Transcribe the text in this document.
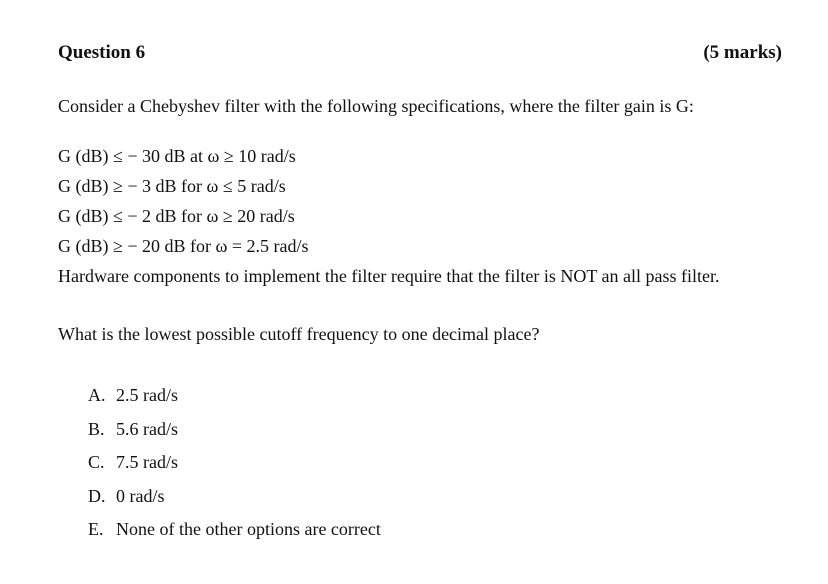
Question 6	(5 marks)
Consider a Chebyshev filter with the following specifications, where the filter gain is G:
G (dB) ≤ − 30 dB at ω ≥ 10 rad/s
G (dB) ≥ − 3 dB for ω ≤ 5 rad/s
G (dB) ≤ − 2 dB for ω ≥ 20 rad/s
G (dB) ≥ − 20 dB for ω = 2.5 rad/s
Hardware components to implement the filter require that the filter is NOT an all pass filter.
What is the lowest possible cutoff frequency to one decimal place?
A. 2.5 rad/s
B. 5.6 rad/s
C. 7.5 rad/s
D. 0 rad/s
E. None of the other options are correct
